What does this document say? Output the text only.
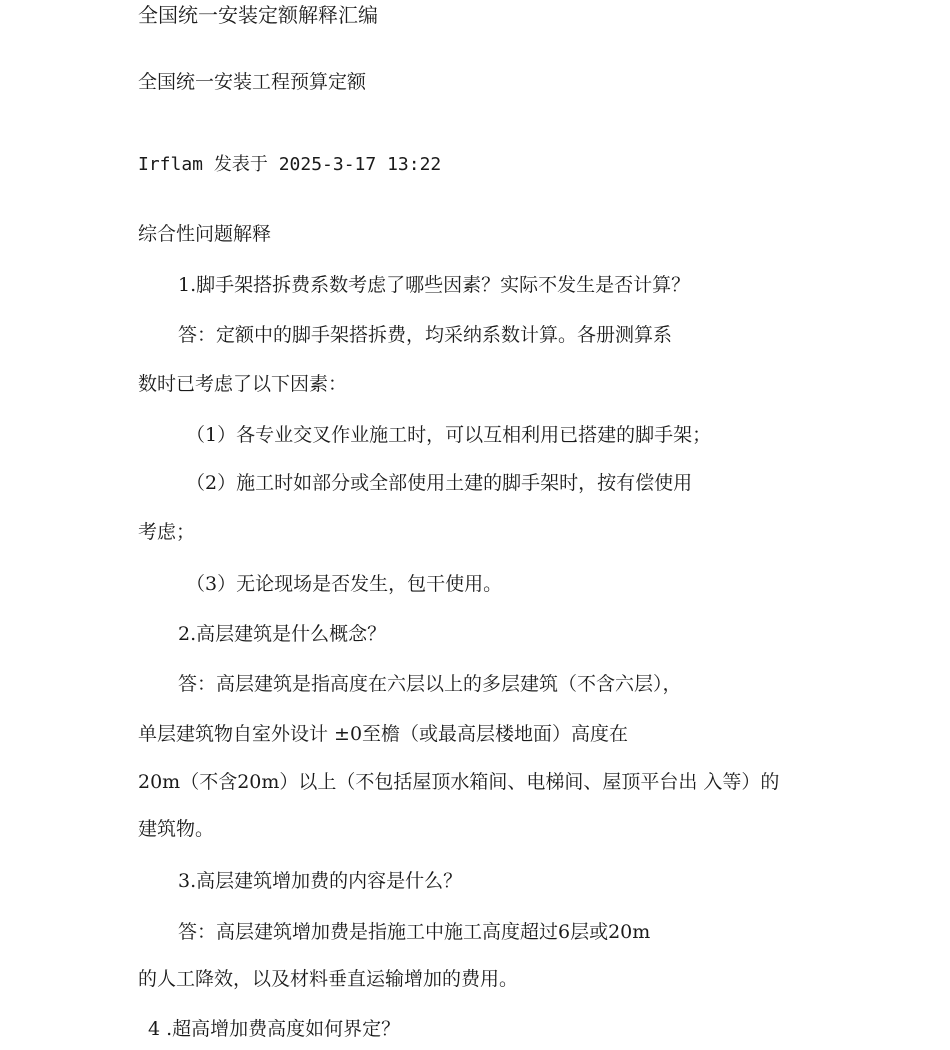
全国统一安装定额解释汇编
全国统一安装工程预算定额
Irflam 发表于 2025-3-17 13:22
综合性问题解释
1.脚手架搭拆费系数考虑了哪些因素？实际不发生是否计算？
答：定额中的脚手架搭拆费，均采纳系数计算。各册测算系
数时已考虑了以下因素：
（1）各专业交叉作业施工时，可以互相利用已搭建的脚手架；
（2）施工时如部分或全部使用土建的脚手架时，按有偿使用
考虑；
（3）无论现场是否发生，包干使用。
2.高层建筑是什么概念？
答：高层建筑是指高度在六层以上的多层建筑（不含六层），
单层建筑物自室外设计 ±0至檐（或最高层楼地面）高度在
20m（不含20m）以上（不包括屋顶水箱间、电梯间、屋顶平台出 入等）的
建筑物。
3.高层建筑增加费的内容是什么？
答：高层建筑增加费是指施工中施工高度超过6层或20m
的人工降效，以及材料垂直运输增加的费用。
4 .超高增加费高度如何界定？
